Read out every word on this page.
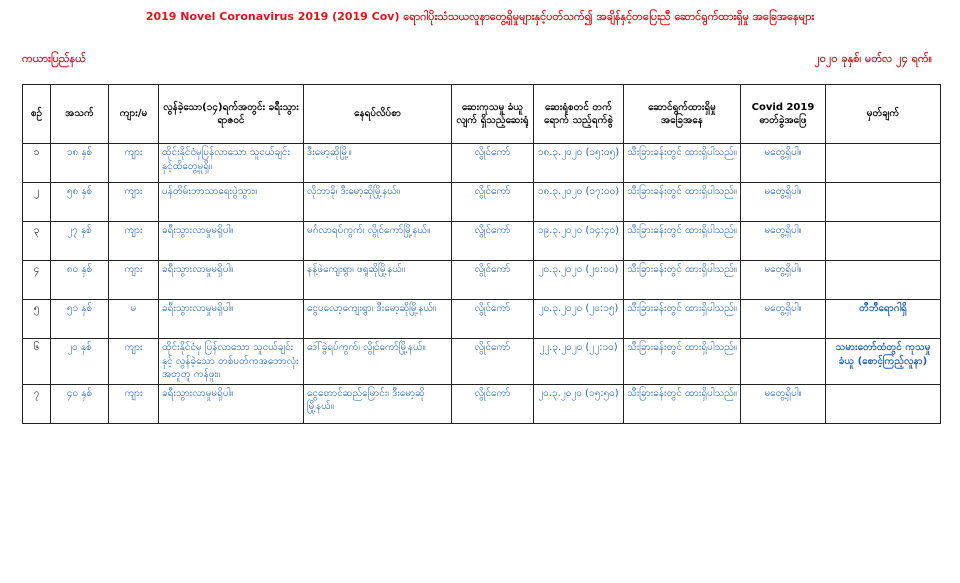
2019 Novel Coronavirus 2019 (2019 Cov) ရောဂါပိုးသံသယလူနာတွေ့ရှိမှုများနှင့်ပတ်သက်၍ အချိန်နှင့်တပြေးညီ ဆောင်ရွက်ထားရှိမှု အခြေအနေများ
ကယားပြည်နယ်	၂၀၂၀ ခုနှစ်၊ မတ်လ ၂၄ ရက်။
စဉ်	အသက်	ကျား/မ	လွန်ခဲ့သော(၁၄)ရက်အတွင်း ခရီးသွားရာဇဝင်	နေရပ်လိပ်စာ	ဆေးကုသမှု ခံယူလျက် ရှိသည့်ဆေးရုံ	ဆေးရုံစတင် တက်ရောက် သည့်ရက်စွဲ	ဆောင်ရွက်ထားရှိမှု အခြေအနေ	Covid 2019 ဓာတ်ခွဲအဖြေ	မှတ်ချက်
၁	၁၈ နှစ်	ကျား	ထိုင်းနိုင်ငံမှပြန်လာသော သူငယ်ချင်းနှင့်ထိတွေ့မှုရှိ။	ဒီးမော့ဆိုမြို့။	လွိုင်ကော်	၁၈.၃.၂၀၂၀ (၁၅:၀၅)	သီးခြားခန်းတွင် ထားရှိပါသည်။	မတွေ့ရှိပါ။	
၂	၅၈ နှစ်	ကျား	ပန်တိမ်းဘာသာရေးပွဲသွား။	လိုဘာခို၊ ဒီးမော့ဆိုမြို့နယ်။	လွိုင်ကော်	၁၈.၃.၂၀၂၀ (၁၇:၀၀)	သီးခြားခန်းတွင် ထားရှိပါသည်။	မတွေ့ရှိပါ။	
၃	၂၇ နှစ်	ကျား	ခရီးသွားလာမှုမရှိပါ။	မင်္ဂလာရပ်ကွက်၊ လွိုင်ကော်မြို့နယ်။	လွိုင်ကော်	၁၉.၃.၂၀၂၀ (၁၄:၄၀)	သီးခြားခန်းတွင် ထားရှိပါသည်။	မတွေ့ရှိပါ။	
၄	၈၀ နှစ်	ကျား	ခရီးသွားလာမှုမရှိပါ။	နန့်ဖဲကျေးရွာ၊ ဖရူဆိုမြို့နယ်။	လွိုင်ကော်	၂၀.၃.၂၀၂၀ (၂၀:၀၀)	သီးခြားခန်းတွင် ထားရှိပါသည်။	မတွေ့ရှိပါ။	
၅	၅၁ နှစ်	မ	ခရီးသွားလာမှုမရှိပါ။	ငွေပလော့ကျေးရွာ၊ ဒီးမော့ဆိုမြို့နယ်။	လွိုင်ကော်	၂၀.၃.၂၀၂၀ (၂၀:၁၅)	သီးခြားခန်းတွင် ထားရှိပါသည်။	မတွေ့ရှိပါ။	တီဘီရောဂါရှိ
၆	၂၀ နှစ်	ကျား	ထိုင်းနိုင်ငံမှ ပြန်လာသော သူငယ်ချင်းနှင့် လွန်ခဲ့သော တစ်ပတ်ကအဘောလုံးအတူတူ ကန်ဖူး။	ဒေါ်ခွဲရပ်ကွက်၊ လွိုင်ကော်မြို့နယ်။	လွိုင်ကော်	၂၂.၃.၂၀၂၀ (၂၂:၁၀)	သီးခြားခန်းတွင် ထားရှိပါသည်။		သမားတော်ထံတွင် ကုသမှုခံယူ (စောင့်ကြည့်လူနာ)
၇	၄၀ နှစ်	ကျား	ခရီးသွားလာမှုမရှိပါ။	ငွေတောင်ဆည်မြောင်း၊ ဒီးမော့ဆိုမြို့နယ်။	လွိုင်ကော်	၂၀.၃.၂၀၂၀ (၁၅:၅၀)	သီးခြားခန်းတွင် ထားရှိပါသည်။	မတွေ့ရှိပါ။	
